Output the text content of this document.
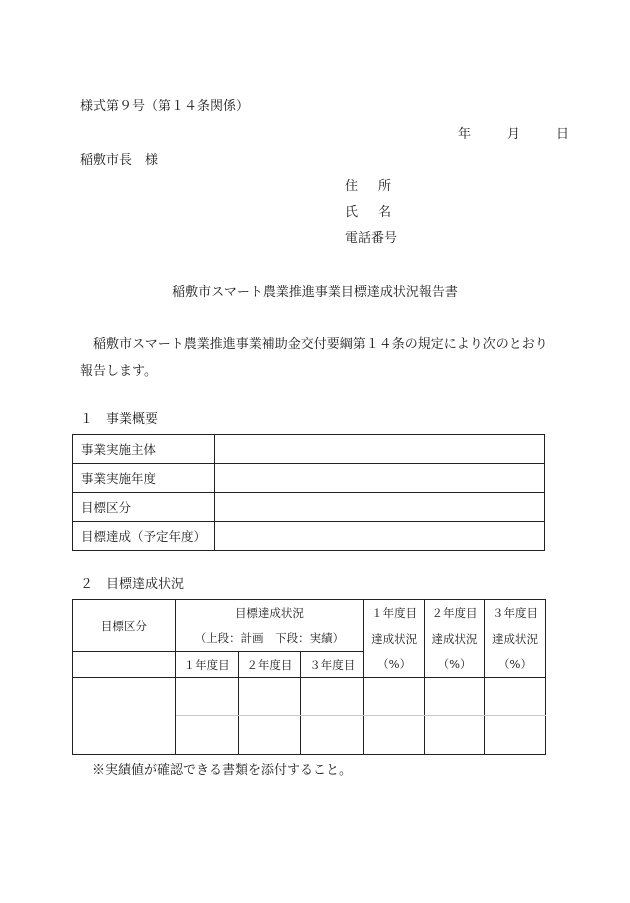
様式第９号（第１４条関係）
年	月	日
稲敷市長　様
住 所
氏 名
電話番号
稲敷市スマート農業推進事業目標達成状況報告書
稲敷市スマート農業推進事業補助金交付要綱第１４条の規定により次のとおり報告します。
１　事業概要
事業実施主体	
事業実施年度	
目標区分	
目標達成（予定年度）	
２　目標達成状況
目標区分	目標達成状況			１年度目	２年度目	３年度目
	（上段：計画　下段：実績）			達成状況	達成状況	達成状況
	１年度目	２年度目	３年度目	（%）	（%）	（%）

※実績値が確認できる書類を添付すること。
